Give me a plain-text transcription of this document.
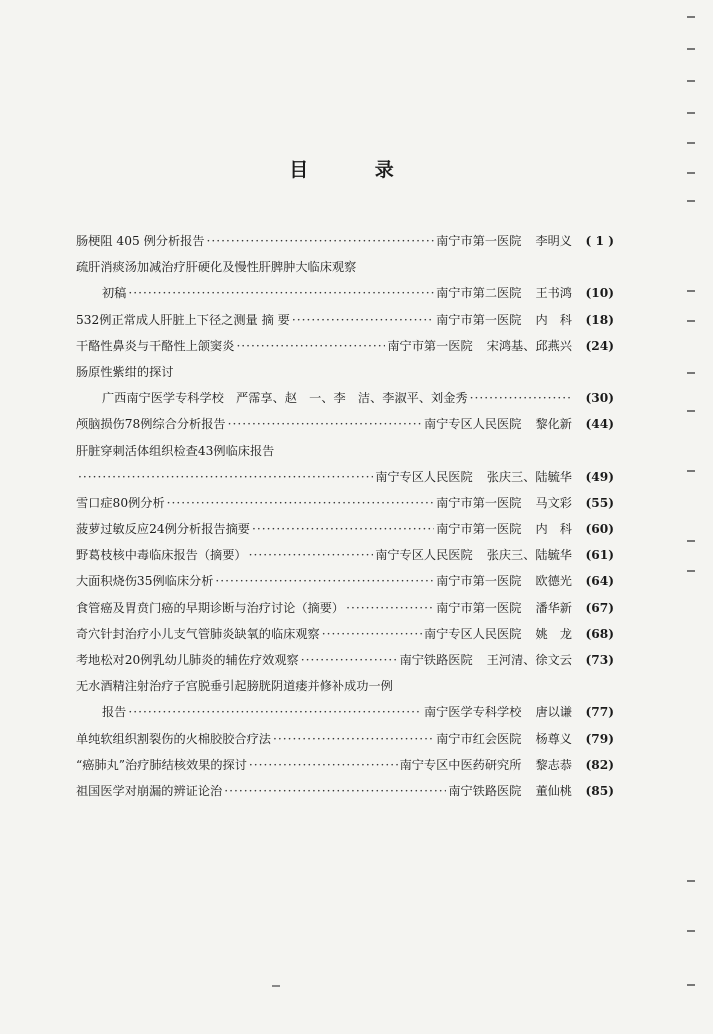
目 录
肠梗阻 405 例分析报告 ·····	南宁市第一医院 李明义	( 1 )
疏肝消痰汤加减治疗肝硬化及慢性肝脾肿大临床观察
初稿 ·····	南宁市第二医院 王书鸿	(10)
532例正常成人肝脏上下径之测量 摘 要 ·····	南宁市第一医院 内　科	(18)
干酪性鼻炎与干酪性上颌窦炎 ·····	南宁市第一医院 宋鸿基、邱燕兴	(24)
肠原性紫绀的探讨
广西南宁医学专科学校　严霈享、赵　一、李　洁、李淑平、刘金秀 ·····	(30)
颅脑损伤78例综合分析报告 ·····	南宁专区人民医院 黎化新	(44)
肝脏穿刺活体组织检查43例临床报告
·····
南宁专区人民医院 张庆三、陆毓华	(49)
雪口症80例分析 ·····	南宁市第一医院 马文彩	(55)
菠萝过敏反应24例分析报告摘要 ·····	南宁市第一医院 内　科	(60)
野葛枝核中毒临床报告（摘要） ·····	南宁专区人民医院 张庆三、陆毓华	(61)
大面积烧伤35例临床分析 ·····	南宁市第一医院 欧德光	(64)
食管癌及胃贲门癌的早期诊断与治疗讨论（摘要） ·····	南宁市第一医院 潘华新	(67)
奇穴针封治疗小儿支气管肺炎缺氧的临床观察 ·····	南宁专区人民医院 姚　龙	(68)
考地松对20例乳幼儿肺炎的辅佐疗效观察 ·····	南宁铁路医院 王河清、徐文云	(73)
无水酒精注射治疗子宫脱垂引起膀胱阴道瘘并修补成功一例
报告 ·····	南宁医学专科学校 唐以谦	(77)
单纯软组织割裂伤的火棉胶胶合疗法 ·····	南宁市红会医院 杨尊义	(79)
“癌肺丸”治疗肺结核效果的探讨 ·····	南宁专区中医药研究所 黎志恭	(82)
祖国医学对崩漏的辨证论治 ·····	南宁铁路医院 董仙桃	(85)
